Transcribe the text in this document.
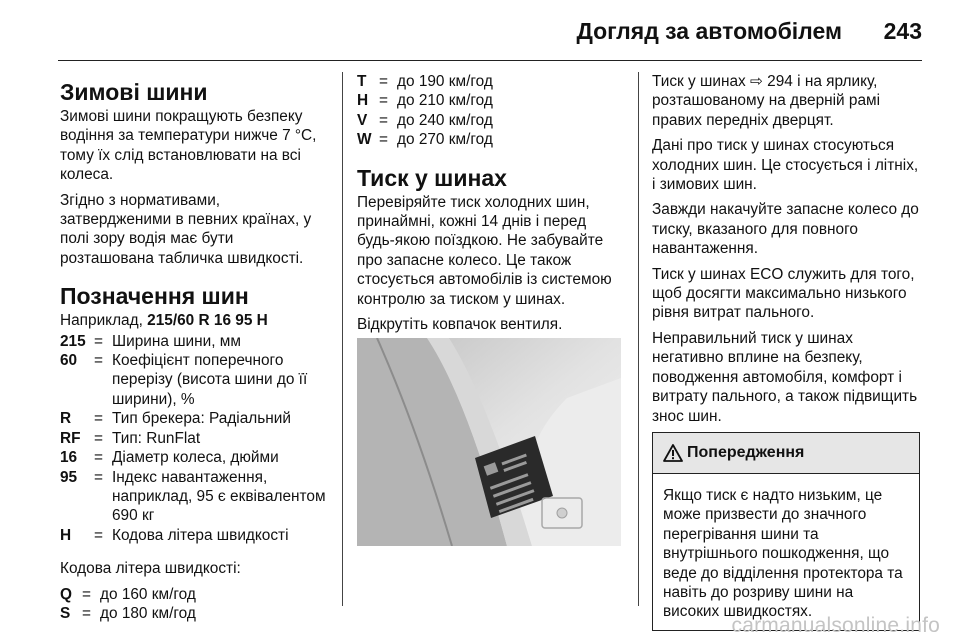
Догляд за автомобілем 243
Зимові шини

Зимові шини покращують безпеку водіння за температури нижче 7 °C, тому їх слід встановлювати на всі колеса.

Згідно з нормативами, затвердженими в певних країнах, у полі зору водія має бути розташована табличка швидкості.

Позначення шин

Наприклад, 215/60 R 16 95 H

215 = Ширина шини, мм
60	= Коефіцієнт поперечного перерізу (висота шини до її ширини), %
R	= Тип брекера: Радіальний
RF = Тип: RunFlat
16	= Діаметр колеса, дюйми
95	= Індекс навантаження, наприклад, 95 є еквівалентом 690 кг
H	= Кодова літера швидкості

Кодова літера швидкості:

Q = до 160 км/год
S = до 180 км/год
T = до 190 км/год
H = до 210 км/год
V = до 240 км/год
W = до 270 км/год
Тиск у шинах

Перевіряйте тиск холодних шин, принаймні, кожні 14 днів і перед будь-якою поїздкою. Не забувайте про запасне колесо. Це також стосується автомобілів із системою контролю за тиском у шинах.

Відкрутіть ковпачок вентиля.

Тиск у шинах ⇨ 294 і на ярлику, розташованому на дверній рамі правих передніх дверцят.

Дані про тиск у шинах стосуються холодних шин. Це стосується і літніх, і зимових шин.

Завжди накачуйте запасне колесо до тиску, вказаного для повного навантаження.

Тиск у шинах ECO служить для того, щоб досягти максимально низького рівня витрат пального.

Неправильний тиск у шинах негативно вплине на безпеку, поводження автомобіля, комфорт і витрату пального, а також підвищить знос шин.

Попередження
Якщо тиск є надто низьким, це може призвести до значного перегрівання шини та внутрішнього пошкодження, що веде до відділення протектора та навіть до розриву шини на високих швидкостях.
carmanualsonline.info
